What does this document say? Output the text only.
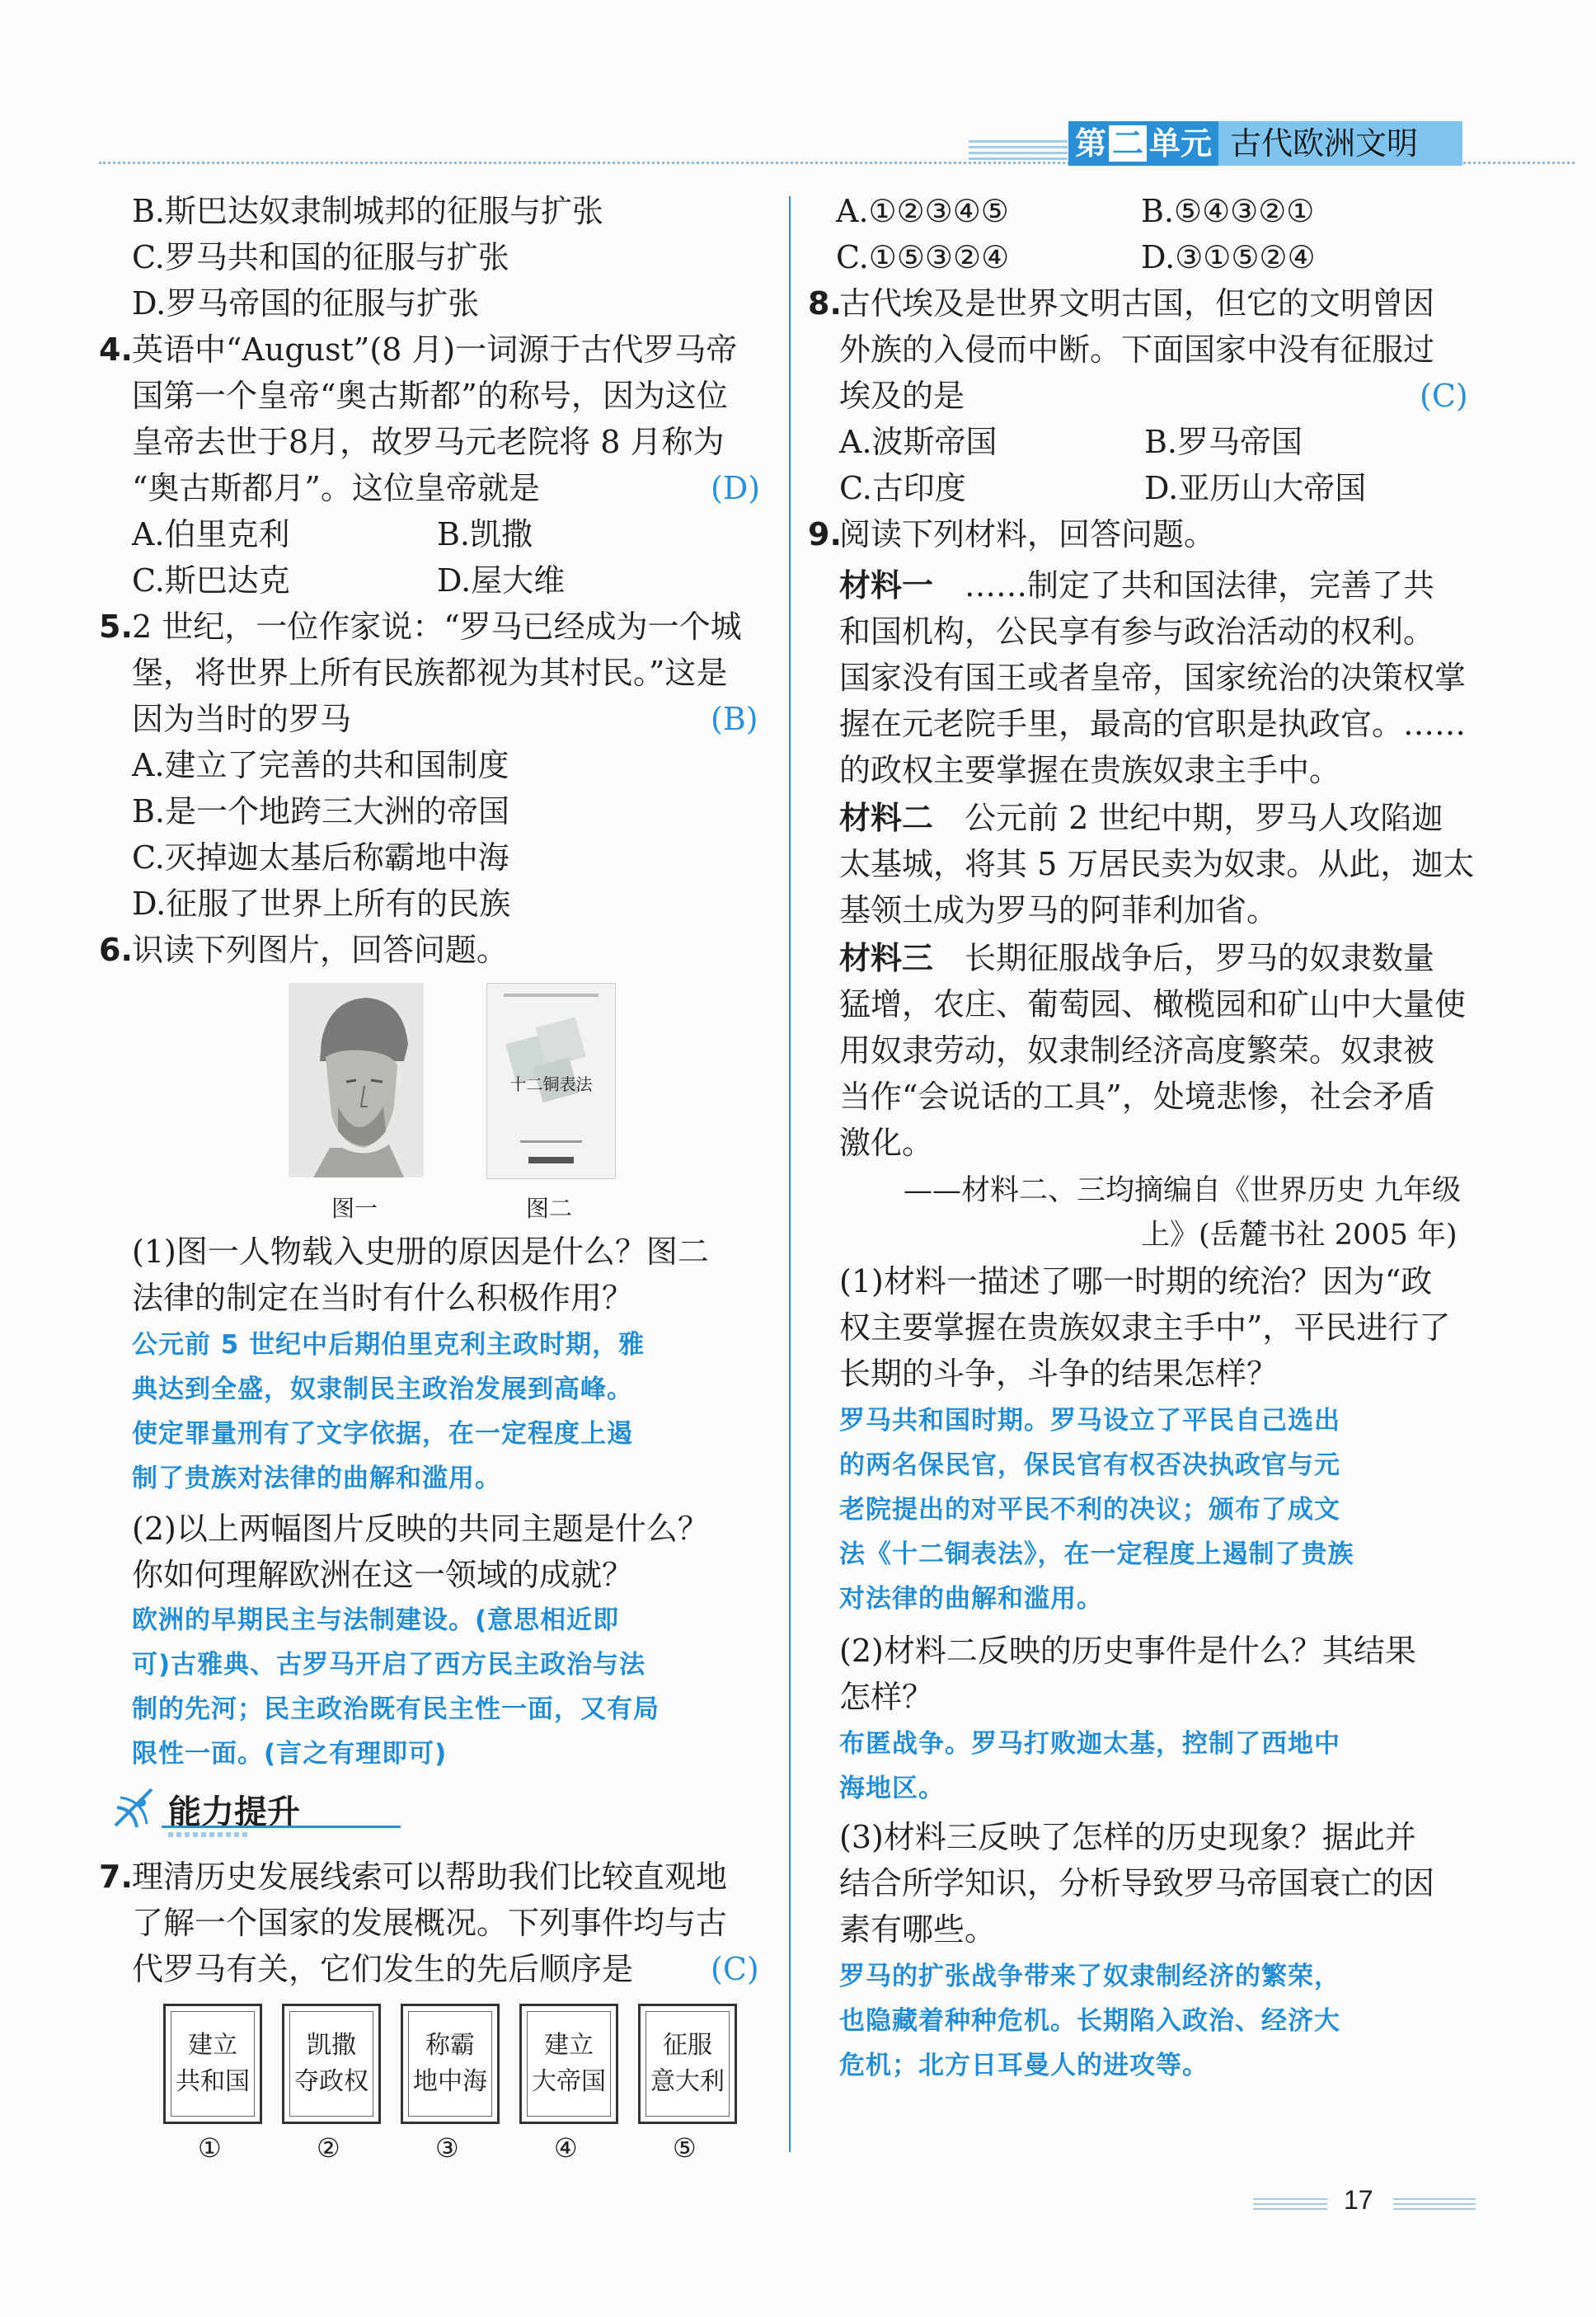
第 二 单元 古代欧洲文明
B.斯巴达奴隶制城邦的征服与扩张
C.罗马共和国的征服与扩张
D.罗马帝国的征服与扩张
4. 英语中“August”(8 月)一词源于古代罗马帝
国第一个皇帝“奥古斯都”的称号，因为这位
皇帝去世于8月，故罗马元老院将 8 月称为
“奥古斯都月”。这位皇帝就是	(D)
A.伯里克利	B.凯撒
C.斯巴达克	D.屋大维
5. 2 世纪，一位作家说：“罗马已经成为一个城
堡，将世界上所有民族都视为其村民。”这是
因为当时的罗马	(B)
A.建立了完善的共和国制度
B.是一个地跨三大洲的帝国
C.灭掉迦太基后称霸地中海
D.征服了世界上所有的民族
6. 识读下列图片，回答问题。
图一
十二铜表法
图二
(1)图一人物载入史册的原因是什么？图二
法律的制定在当时有什么积极作用？
公元前 5 世纪中后期伯里克利主政时期，雅
典达到全盛，奴隶制民主政治发展到高峰。
使定罪量刑有了文字依据，在一定程度上遏
制了贵族对法律的曲解和滥用。
(2)以上两幅图片反映的共同主题是什么？
你如何理解欧洲在这一领域的成就？
欧洲的早期民主与法制建设。(意思相近即
可)古雅典、古罗马开启了西方民主政治与法
制的先河；民主政治既有民主性一面，又有局
限性一面。(言之有理即可)
能力提升
7. 理清历史发展线索可以帮助我们比较直观地
了解一个国家的发展概况。下列事件均与古
代罗马有关，它们发生的先后顺序是 (C)
建立
共和国
凯撒
夺政权
称霸
地中海
建立
大帝国
征服
意大利
①	②	③	④	⑤
A.①②③④⑤	B.⑤④③②①
C.①⑤③②④	D.③①⑤②④
8.
古代埃及是世界文明古国，但它的文明曾因
外族的入侵而中断。下面国家中没有征服过
埃及的是	(C)
A.波斯帝国	B.罗马帝国
C.古印度	D.亚历山大帝国
9.
阅读下列材料，回答问题。
材料一 ……制定了共和国法律，完善了共
和国机构，公民享有参与政治活动的权利。
国家没有国王或者皇帝，国家统治的决策权掌
握在元老院手里，最高的官职是执政官。……
的政权主要掌握在贵族奴隶主手中。
材料二 公元前 2 世纪中期，罗马人攻陷迦
太基城，将其 5 万居民卖为奴隶。从此，迦太
基领土成为罗马的阿菲利加省。
材料三 长期征服战争后，罗马的奴隶数量
猛增，农庄、葡萄园、橄榄园和矿山中大量使
用奴隶劳动，奴隶制经济高度繁荣。奴隶被
当作“会说话的工具”，处境悲惨，社会矛盾
激化。
——材料二、三均摘编自《世界历史 九年级
上》(岳麓书社 2005 年)
(1)材料一描述了哪一时期的统治？因为“政
权主要掌握在贵族奴隶主手中”，平民进行了
长期的斗争，斗争的结果怎样？
罗马共和国时期。罗马设立了平民自己选出
的两名保民官，保民官有权否决执政官与元
老院提出的对平民不利的决议；颁布了成文
法《十二铜表法》，在一定程度上遏制了贵族
对法律的曲解和滥用。
(2)材料二反映的历史事件是什么？其结果
怎样？
布匿战争。罗马打败迦太基，控制了西地中
海地区。
(3)材料三反映了怎样的历史现象？据此并
结合所学知识，分析导致罗马帝国衰亡的因
素有哪些。
罗马的扩张战争带来了奴隶制经济的繁荣，
也隐藏着种种危机。长期陷入政治、经济大
危机；北方日耳曼人的进攻等。
17
